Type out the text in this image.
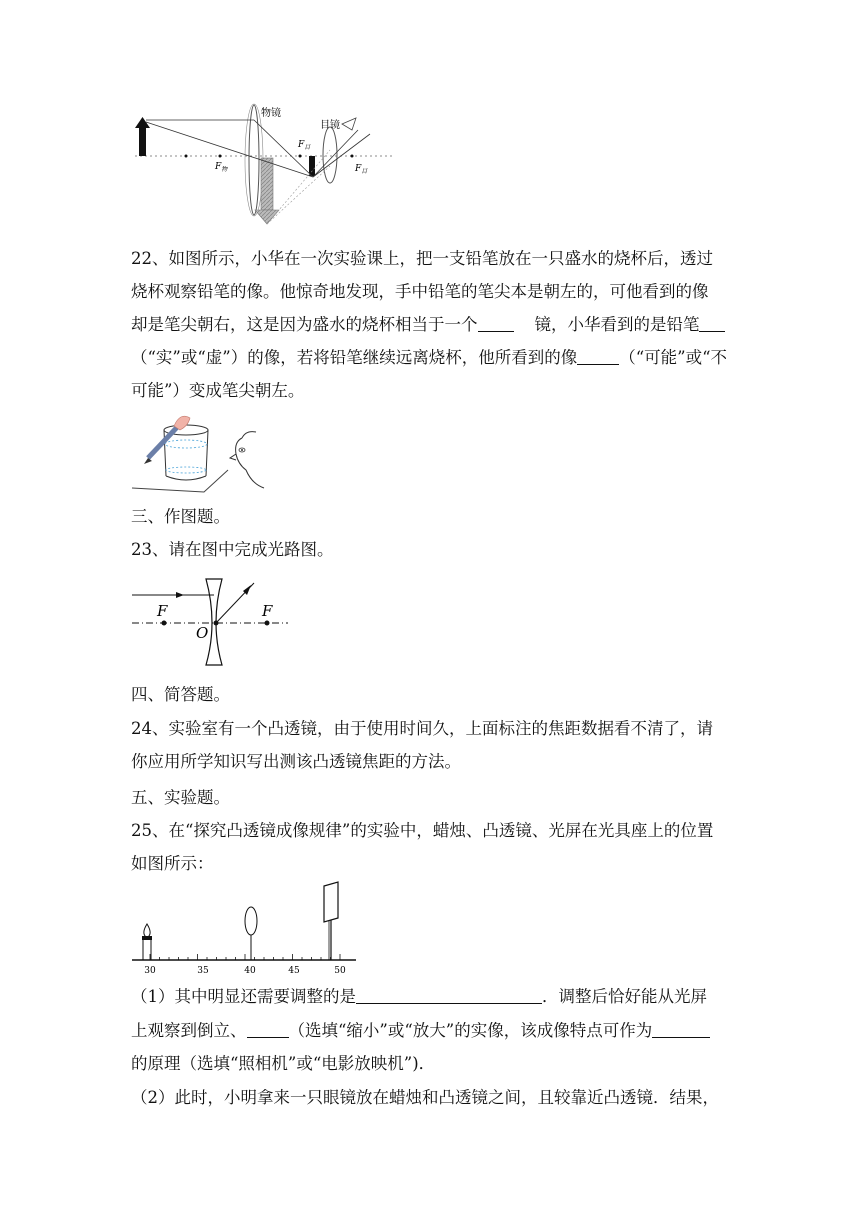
物镜
目镜
$F_物$
$F_目$
$F_目$

22、如图所示，小华在一次实验课上，把一支铅笔放在一只盛水的烧杯后，透过

烧杯观察铅笔的像。他惊奇地发现，手中铅笔的笔尖本是朝左的，可他看到的像

却是笔尖朝右，这是因为盛水的烧杯相当于一个	镜，小华看到的是铅笔

（“实”或“虚”）的像，若将铅笔继续远离烧杯，他所看到的像	（“可能”或“不

可能”）变成笔尖朝左。

三、作图题。

23、请在图中完成光路图。

F	F
O

四、简答题。

24、实验室有一个凸透镜，由于使用时间久，上面标注的焦距数据看不清了，请

你应用所学知识写出测该凸透镜焦距的方法。

五、实验题。

25、在“探究凸透镜成像规律”的实验中，蜡烛、凸透镜、光屏在光具座上的位置

如图所示：

30	35	40	45	50

（1）其中明显还需要调整的是	．调整后恰好能从光屏

上观察到倒立、	（选填“缩小”或“放大”的实像，该成像特点可作为

的原理（选填“照相机”或“电影放映机”)．

（2）此时，小明拿来一只眼镜放在蜡烛和凸透镜之间，且较靠近凸透镜．结果，
